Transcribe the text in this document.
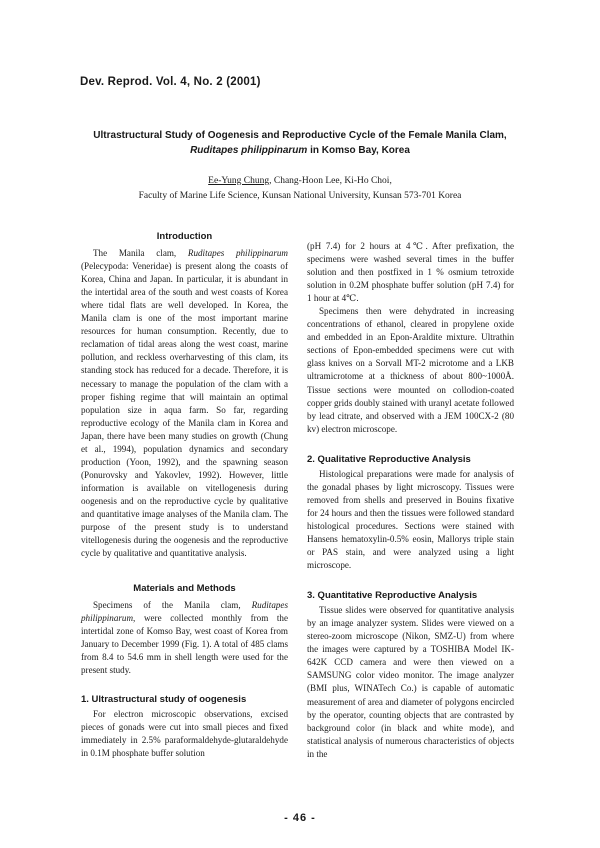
Dev. Reprod. Vol. 4, No. 2 (2001)
Ultrastructural Study of Oogenesis and Reproductive Cycle of the Female Manila Clam,
Ruditapes philippinarum in Komso Bay, Korea
Ee-Yung Chung, Chang-Hoon Lee, Ki-Ho Choi,
Faculty of Marine Life Science, Kunsan National University, Kunsan 573-701 Korea
Introduction

The Manila clam, Ruditapes philippinarum (Pelecypoda: Veneridae) is present along the coasts of Korea, China and Japan. In particular, it is abundant in the intertidal area of the south and west coasts of Korea where tidal flats are well developed. In Korea, the Manila clam is one of the most important marine resources for human consumption. Recently, due to reclamation of tidal areas along the west coast, marine pollution, and reckless overharvesting of this clam, its standing stock has reduced for a decade. Therefore, it is necessary to manage the population of the clam with a proper fishing regime that will maintain an optimal population size in aqua farm. So far, regarding reproductive ecology of the Manila clam in Korea and Japan, there have been many studies on growth (Chung et al., 1994), population dynamics and secondary production (Yoon, 1992), and the spawning season (Ponurovsky and Yakovlev, 1992). However, little information is available on vitellogenesis during oogenesis and on the reproductive cycle by qualitative and quantitative image analyses of the Manila clam. The purpose of the present study is to understand vitellogenesis during the oogenesis and the reproductive cycle by qualitative and quantitative analysis.

Materials and Methods

Specimens of the Manila clam, Ruditapes philippinarum, were collected monthly from the intertidal zone of Komso Bay, west coast of Korea from January to December 1999 (Fig. 1). A total of 485 clams from 8.4 to 54.6 mm in shell length were used for the present study.

1. Ultrastructural study of oogenesis

For electron microscopic observations, excised pieces of gonads were cut into small pieces and fixed immediately in 2.5% paraformaldehyde-glutaraldehyde in 0.1M phosphate buffer solution

(pH 7.4) for 2 hours at 4℃. After prefixation, the specimens were washed several times in the buffer solution and then postfixed in 1 % osmium tetroxide solution in 0.2M phosphate buffer solution (pH 7.4) for 1 hour at 4℃.

Specimens then were dehydrated in increasing concentrations of ethanol, cleared in propylene oxide and embedded in an Epon-Araldite mixture. Ultrathin sections of Epon-embedded specimens were cut with glass knives on a Sorvall MT-2 microtome and a LKB ultramicrotome at a thickness of about 800~1000Å. Tissue sections were mounted on collodion-coated copper grids doubly stained with uranyl acetate followed by lead citrate, and observed with a JEM 100CX-2 (80 kv) electron microscope.

2. Qualitative Reproductive Analysis

Histological preparations were made for analysis of the gonadal phases by light microscopy. Tissues were removed from shells and preserved in Bouins fixative for 24 hours and then the tissues were followed standard histological procedures. Sections were stained with Hansens hematoxylin-0.5% eosin, Mallorys triple stain or PAS stain, and were analyzed using a light microscope.

3. Quantitative Reproductive Analysis

Tissue slides were observed for quantitative analysis by an image analyzer system. Slides were viewed on a stereo-zoom microscope (Nikon, SMZ-U) from where the images were captured by a TOSHIBA Model IK-642K CCD camera and were then viewed on a SAMSUNG color video monitor. The image analyzer (BMI plus, WINATech Co.) is capable of automatic measurement of area and diameter of polygons encircled by the operator, counting objects that are contrasted by background color (in black and white mode), and statistical analysis of numerous characteristics of objects in the

- 46 -
